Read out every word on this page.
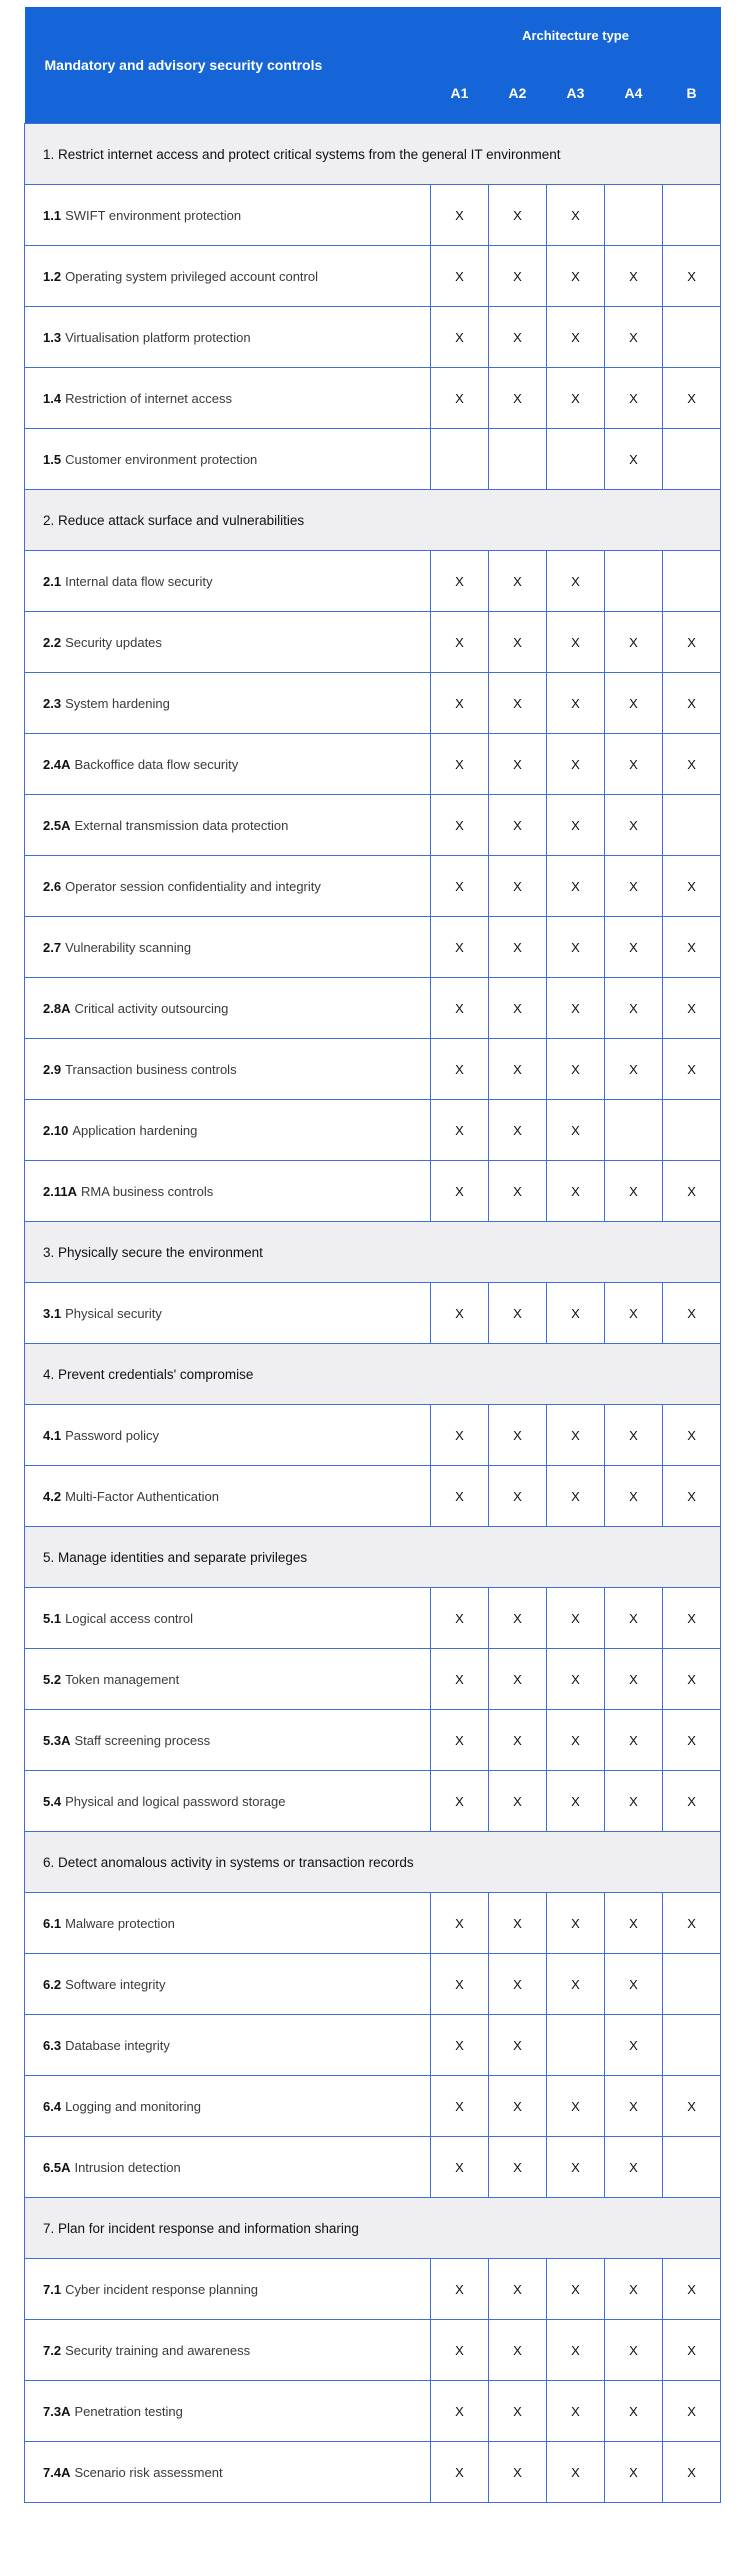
Mandatory and advisory security controls	Architecture type				
	A1	A2	A3	A4	B
1. Restrict internet access and protect critical systems from the general IT environment					
1.1 SWIFT environment protection	X	X	X		
1.2 Operating system privileged account control	X	X	X	X	X
1.3 Virtualisation platform protection	X	X	X	X	
1.4 Restriction of internet access	X	X	X	X	X
1.5 Customer environment protection				X	
2. Reduce attack surface and vulnerabilities					
2.1 Internal data flow security	X	X	X		
2.2 Security updates	X	X	X	X	X
2.3 System hardening	X	X	X	X	X
2.4A Backoffice data flow security	X	X	X	X	X
2.5A External transmission data protection	X	X	X	X	
2.6 Operator session confidentiality and integrity	X	X	X	X	X
2.7 Vulnerability scanning	X	X	X	X	X
2.8A Critical activity outsourcing	X	X	X	X	X
2.9 Transaction business controls	X	X	X	X	X
2.10 Application hardening	X	X	X		
2.11A RMA business controls	X	X	X	X	X
3. Physically secure the environment					
3.1 Physical security	X	X	X	X	X
4. Prevent credentials' compromise					
4.1 Password policy	X	X	X	X	X
4.2 Multi-Factor Authentication	X	X	X	X	X
5. Manage identities and separate privileges					
5.1 Logical access control	X	X	X	X	X
5.2 Token management	X	X	X	X	X
5.3A Staff screening process	X	X	X	X	X
5.4 Physical and logical password storage	X	X	X	X	X
6. Detect anomalous activity in systems or transaction records					
6.1 Malware protection	X	X	X	X	X
6.2 Software integrity	X	X	X	X	
6.3 Database integrity	X	X		X	
6.4 Logging and monitoring	X	X	X	X	X
6.5A Intrusion detection	X	X	X	X	
7. Plan for incident response and information sharing					
7.1 Cyber incident response planning	X	X	X	X	X
7.2 Security training and awareness	X	X	X	X	X
7.3A Penetration testing	X	X	X	X	X
7.4A Scenario risk assessment	X	X	X	X	X
